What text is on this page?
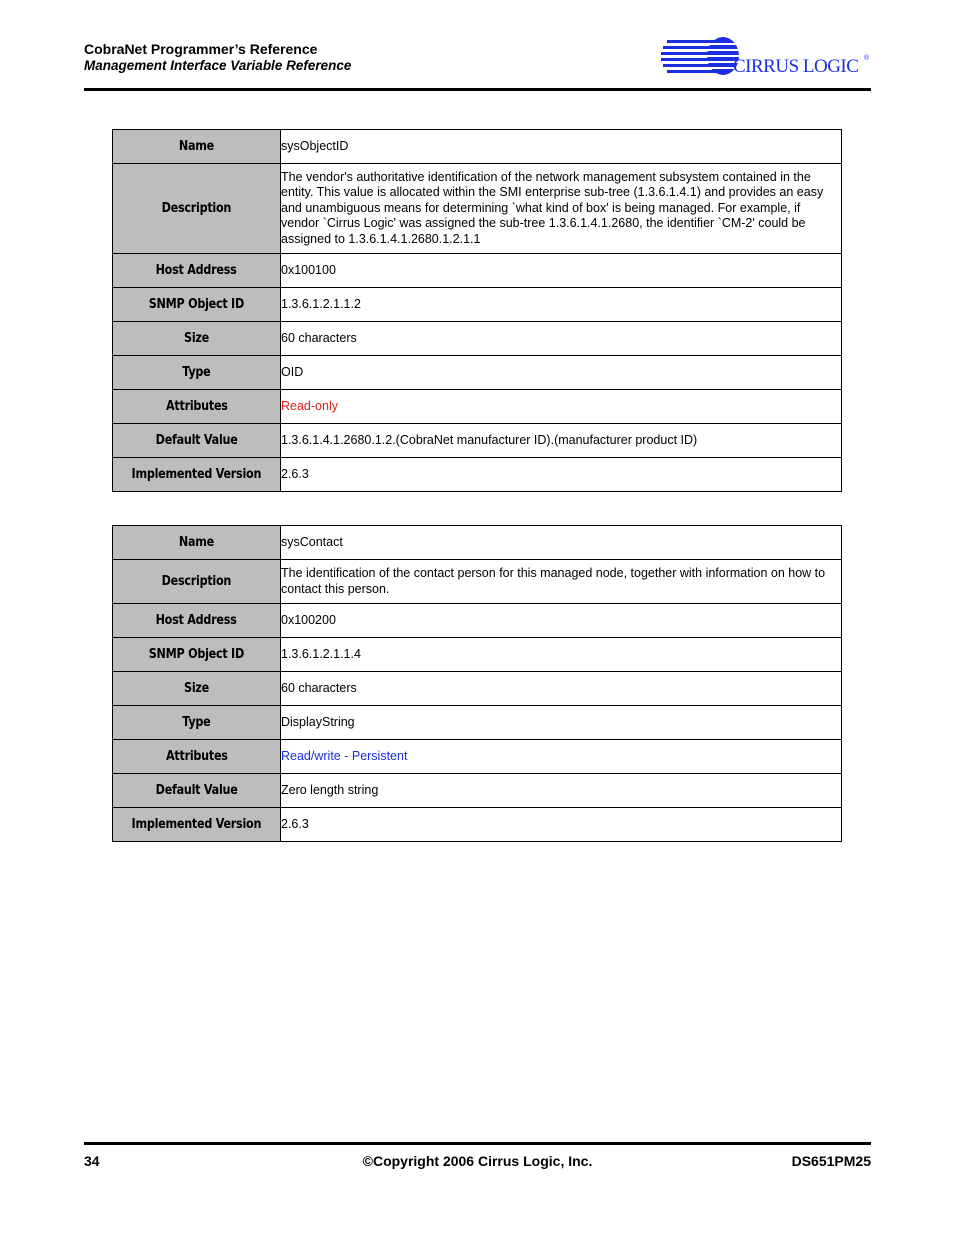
CobraNet Programmer’s Reference
Management Interface Variable Reference	CIRRUS LOGIC ®
Name	sysObjectID
Description	The vendor's authoritative identification of the network management subsystem contained in the entity. This value is allocated within the SMI enterprise sub-tree (1.3.6.1.4.1) and provides an easy and unambiguous means for determining `what kind of box' is being managed. For example, if vendor `Cirrus Logic' was assigned the sub-tree 1.3.6.1.4.1.2680, the identifier `CM-2' could be assigned to 1.3.6.1.4.1.2680.1.2.1.1
Host Address	0x100100
SNMP Object ID	1.3.6.1.2.1.1.2
Size	60 characters
Type	OID
Attributes	Read-only
Default Value	1.3.6.1.4.1.2680.1.2.(CobraNet manufacturer ID).(manufacturer product ID)
Implemented Version	2.6.3
Name	sysContact
Description	The identification of the contact person for this managed node, together with information on how to contact this person.
Host Address	0x100200
SNMP Object ID	1.3.6.1.2.1.1.4
Size	60 characters
Type	DisplayString
Attributes	Read/write - Persistent
Default Value	Zero length string
Implemented Version	2.6.3
34	©Copyright 2006 Cirrus Logic, Inc.	DS651PM25
